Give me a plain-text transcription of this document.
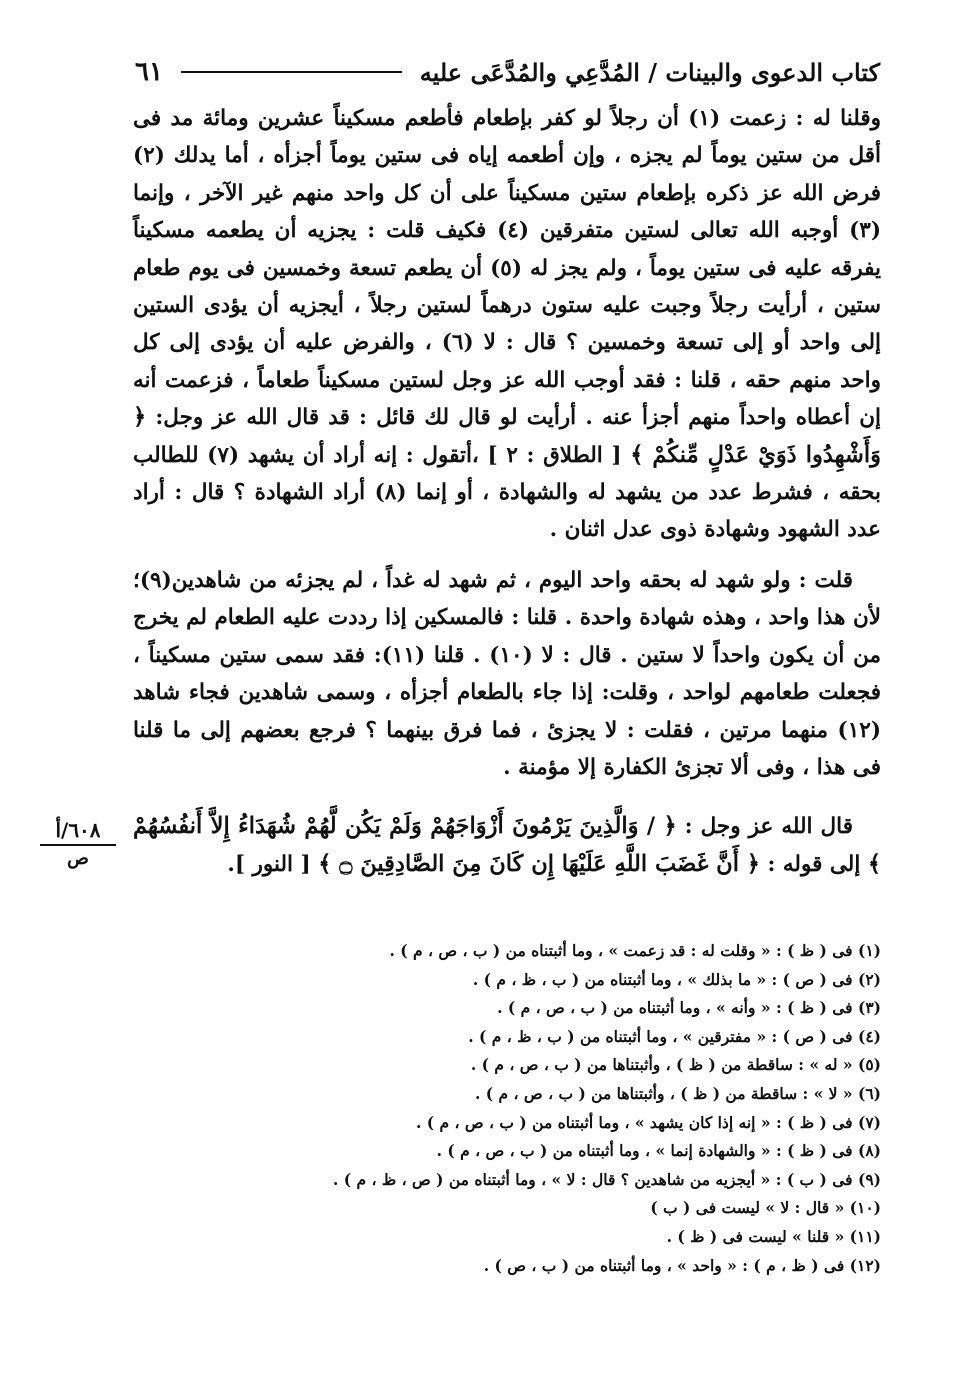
كتاب الدعوى والبينات / المُدَّعِي والمُدَّعَى عليه
٦١

وقلنا له : زعمت (١) أن رجلاً لو كفر بإطعام فأطعم مسكيناً عشرين ومائة مد فى أقل من ستين يوماً لم يجزه ، وإن أطعمه إياه فى ستين يوماً أجزأه ، أما يدلك (٢) فرض الله عز ذكره بإطعام ستين مسكيناً على أن كل واحد منهم غير الآخر ، وإنما (٣) أوجبه الله تعالى لستين متفرقين (٤) فكيف قلت : يجزيه أن يطعمه مسكيناً يفرقه عليه فى ستين يوماً ، ولم يجز له (٥) أن يطعم تسعة وخمسين فى يوم طعام ستين ، أرأيت رجلاً وجبت عليه ستون درهماً لستين رجلاً ، أيجزيه أن يؤدى الستين إلى واحد أو إلى تسعة وخمسين ؟ قال : لا (٦) ، والفرض عليه أن يؤدى إلى كل واحد منهم حقه ، قلنا : فقد أوجب الله عز وجل لستين مسكيناً طعاماً ، فزعمت أنه إن أعطاه واحداً منهم أجزأ عنه . أرأيت لو قال لك قائل : قد قال الله عز وجل: ﴿ وَأَشْهِدُوا ذَوَيْ عَدْلٍ مِّنكُمْ ﴾ [ الطلاق : ٢ ] ،أتقول : إنه أراد أن يشهد (٧) للطالب بحقه ، فشرط عدد من يشهد له والشهادة ، أو إنما (٨) أراد الشهادة ؟ قال : أراد عدد الشهود وشهادة ذوى عدل اثنان .

قلت : ولو شهد له بحقه واحد اليوم ، ثم شهد له غداً ، لم يجزئه من شاهدين(٩)؛ لأن هذا واحد ، وهذه شهادة واحدة . قلنا : فالمسكين إذا رددت عليه الطعام لم يخرج من أن يكون واحداً لا ستين . قال : لا (١٠) . قلنا (١١): فقد سمى ستين مسكيناً ، فجعلت طعامهم لواحد ، وقلت: إذا جاء بالطعام أجزأه ، وسمى شاهدين فجاء شاهد (١٢) منهما مرتين ، فقلت : لا يجزئ ، فما فرق بينهما ؟ فرجع بعضهم إلى ما قلنا فى هذا ، وفى ألا تجزئ الكفارة إلا مؤمنة .

قال الله عز وجل : ﴿ / وَالَّذِينَ يَرْمُونَ أَزْوَاجَهُمْ وَلَمْ يَكُن لَّهُمْ شُهَدَاءُ إِلاَّ أَنفُسُهُمْ ﴾ إلى قوله : ﴿ أَنَّ غَضَبَ اللَّهِ عَلَيْهَا إِن كَانَ مِنَ الصَّادِقِينَ ۝ ﴾ [ النور ].

٦٠٨/أ
ص
(١) فى ( ظ ) : « وقلت له : قد زعمت » ، وما أثبتناه من ( ب ، ص ، م ) .
(٢) فى ( ص ) : « ما بذلك » ، وما أثبتناه من ( ب ، ظ ، م ) .
(٣) فى ( ظ ) : « وأنه » ، وما أثبتناه من ( ب ، ص ، م ) .
(٤) فى ( ص ) : « مفترقين » ، وما أثبتناه من ( ب ، ظ ، م ) .
(٥) « له » : ساقطة من ( ظ ) ، وأثبتناها من ( ب ، ص ، م ) .
(٦) « لا » : ساقطة من ( ظ ) ، وأثبتناها من ( ب ، ص ، م ) .
(٧) فى ( ظ ) : « إنه إذا كان يشهد » ، وما أثبتناه من ( ب ، ص ، م ) .
(٨) فى ( ظ ) : « والشهادة إنما » ، وما أثبتناه من ( ب ، ص ، م ) .
(٩) فى ( ب ) : « أيجزيه من شاهدين ؟ قال : لا » ، وما أثبتناه من ( ص ، ظ ، م ) .
(١٠) « قال : لا » ليست فى ( ب )
(١١) « قلنا » ليست فى ( ظ ) .
(١٢) فى ( ظ ، م ) : « واحد » ، وما أثبتناه من ( ب ، ص ) .
